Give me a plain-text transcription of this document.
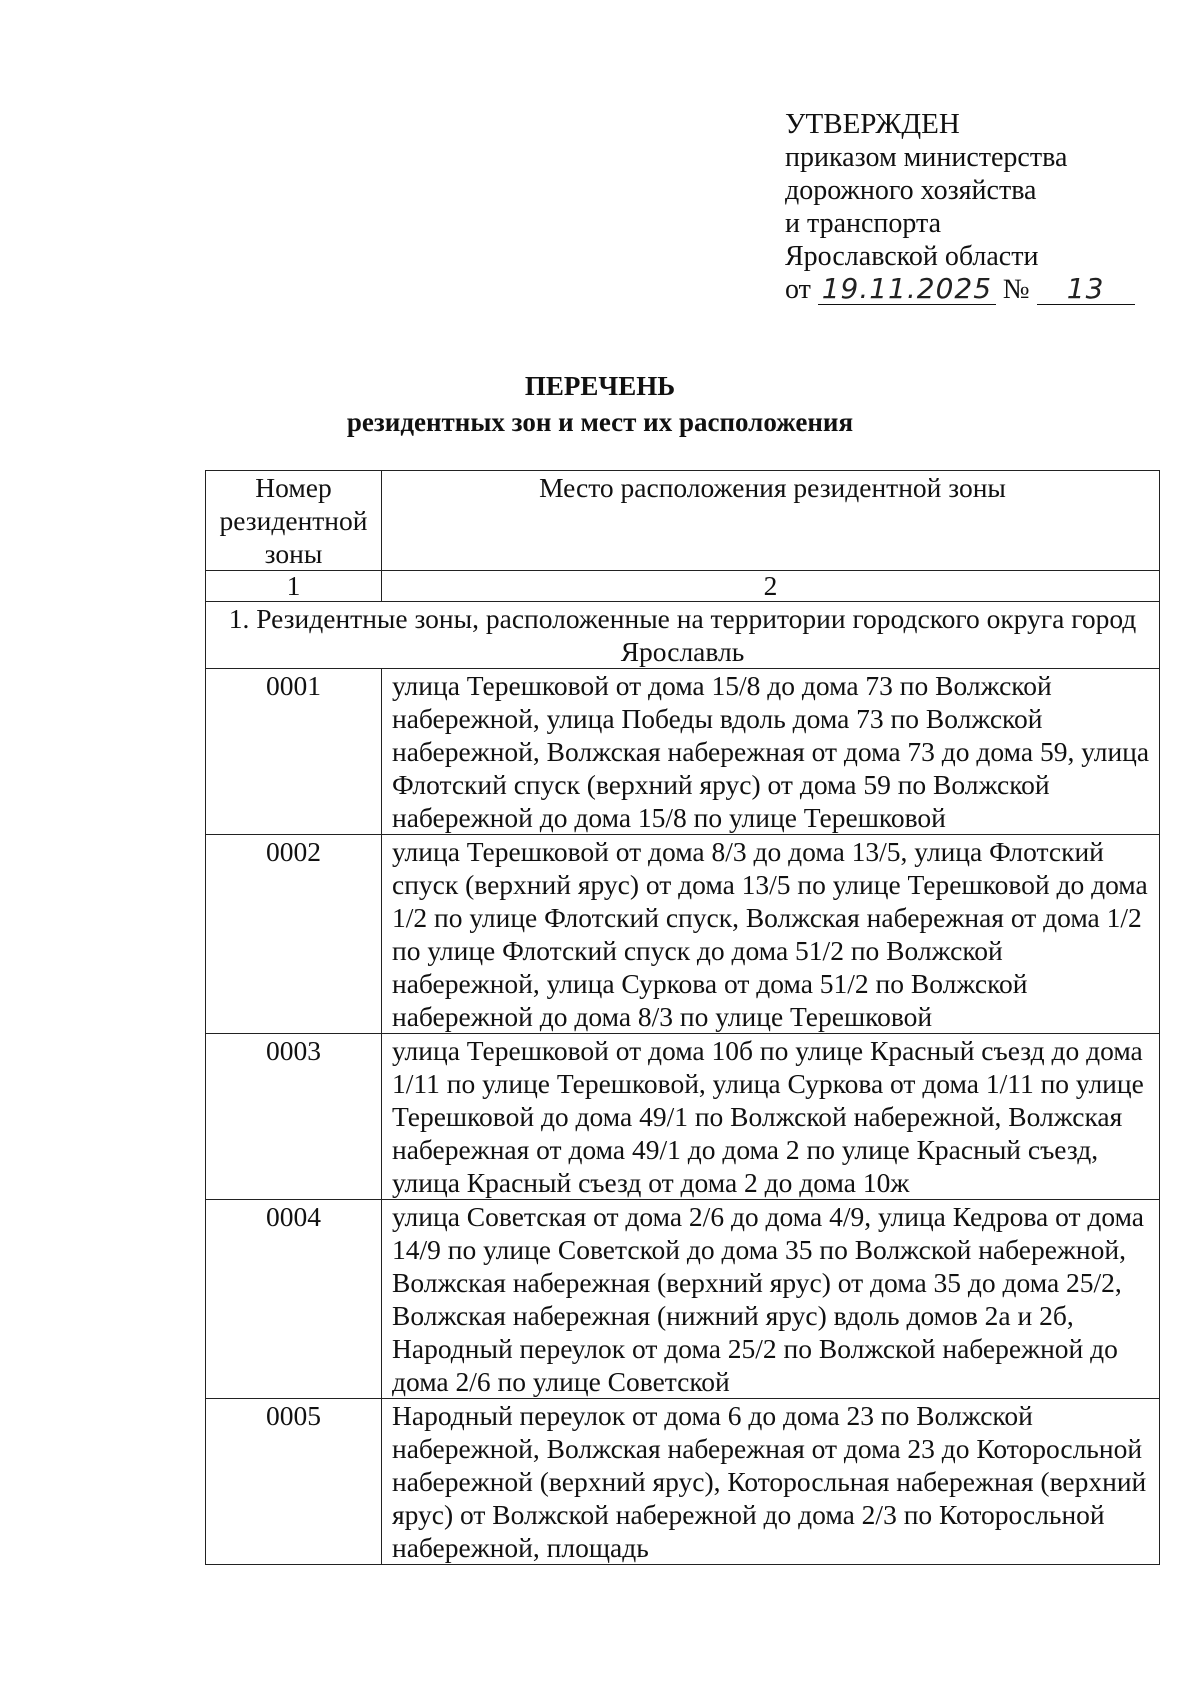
УТВЕРЖДЕН
приказом министерства
дорожного хозяйства
и транспорта
Ярославской области
от 19.11.2025 № 13
ПЕРЕЧЕНЬ
резидентных зон и мест их расположения
Номер резидентной зоны	Место расположения резидентной зоны
1	2
1. Резидентные зоны, расположенные на территории городского округа город Ярославль	
0001	улица Терешковой от дома 15/8 до дома 73 по Волжской набережной, улица Победы вдоль дома 73 по Волжской набережной, Волжская набережная от дома 73 до дома 59, улица Флотский спуск (верхний ярус) от дома 59 по Волжской набережной до дома 15/8 по улице Терешковой
0002	улица Терешковой от дома 8/3 до дома 13/5, улица Флотский спуск (верхний ярус) от дома 13/5 по улице Терешковой до дома 1/2 по улице Флотский спуск, Волжская набережная от дома 1/2 по улице Флотский спуск до дома 51/2 по Волжской набережной, улица Суркова от дома 51/2 по Волжской набережной до дома 8/3 по улице Терешковой
0003	улица Терешковой от дома 10б по улице Красный съезд до дома 1/11 по улице Терешковой, улица Суркова от дома 1/11 по улице Терешковой до дома 49/1 по Волжской набережной, Волжская набережная от дома 49/1 до дома 2 по улице Красный съезд, улица Красный съезд от дома 2 до дома 10ж
0004	улица Советская от дома 2/6 до дома 4/9, улица Кедрова от дома 14/9 по улице Советской до дома 35 по Волжской набережной, Волжская набережная (верхний ярус) от дома 35 до дома 25/2, Волжская набережная (нижний ярус) вдоль домов 2а и 2б, Народный переулок от дома 25/2 по Волжской набережной до дома 2/6 по улице Советской
0005	Народный переулок от дома 6 до дома 23 по Волжской набережной, Волжская набережная от дома 23 до Которосльной набережной (верхний ярус), Которосльная набережная (верхний ярус) от Волжской набережной до дома 2/3 по Которосльной набережной, площадь
